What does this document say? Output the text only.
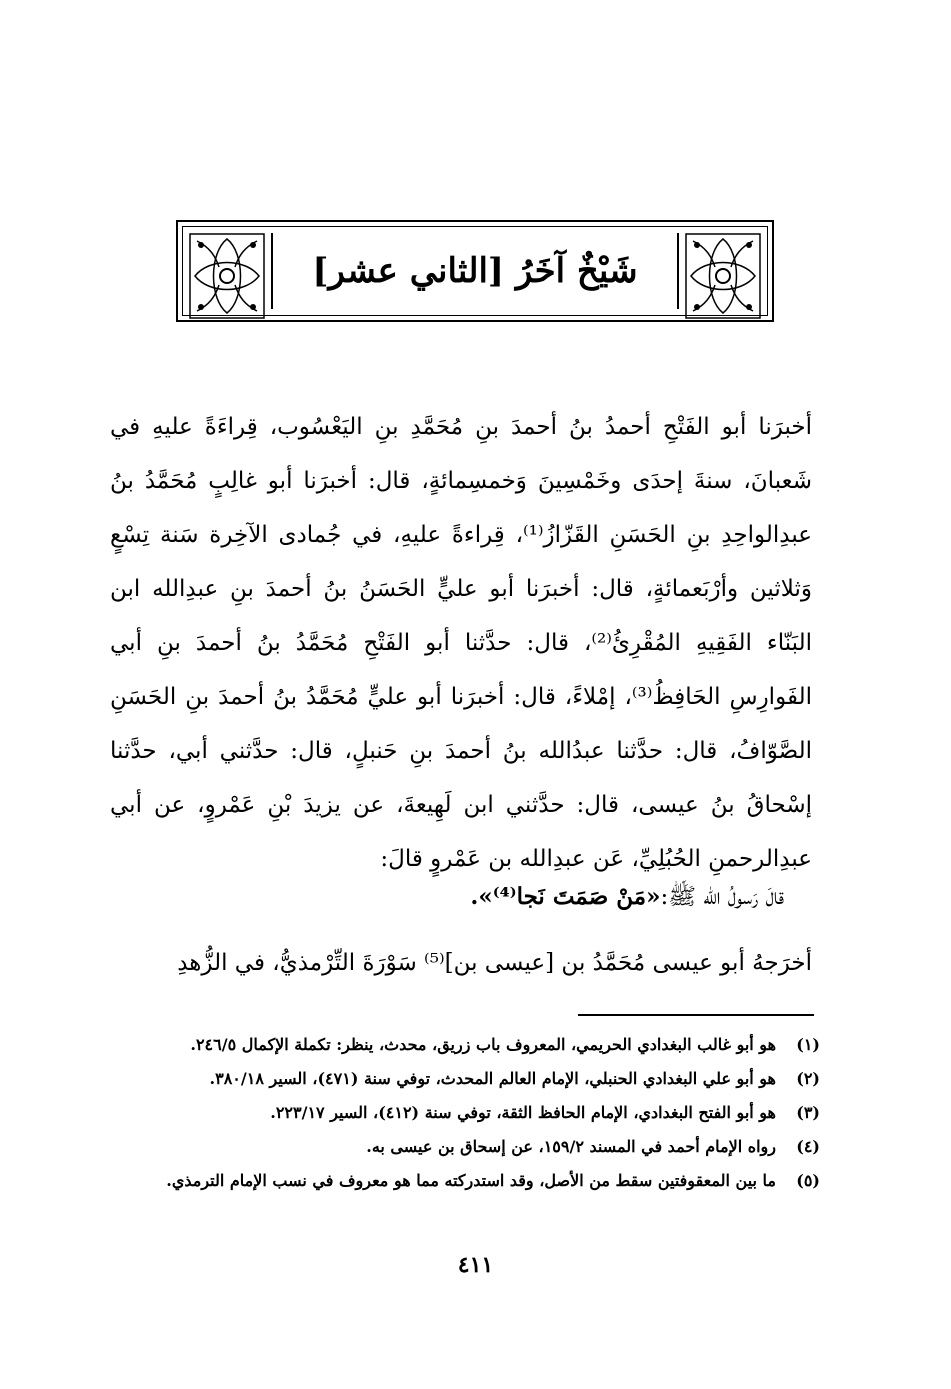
شَيْخٌ آخَرُ [الثاني عشر]

أخبرَنا أبو الفَتْحِ أحمدُ بنُ أحمدَ بنِ مُحَمَّدِ بنِ اليَعْسُوب، قِراءَةً عليهِ في شَعبانَ، سنةَ إحدَى وخَمْسِينَ وَخمسِمائةٍ، قال: أخبرَنا أبو غالِبٍ مُحَمَّدُ بنُ عبدِالواحِدِ بنِ الحَسَنِ القَزّازُ⁽¹⁾، قِراءةً عليهِ، في جُمادى الآخِرة سَنة تِسْعٍ وَثلاثين وأرْبَعمائةٍ، قال: أخبرَنا أبو عليٍّ الحَسَنُ بنُ أحمدَ بنِ عبدِالله ابن البَنّاء الفَقِيهِ المُقْرِئُ⁽²⁾، قال: حدَّثنا أبو الفَتْحِ مُحَمَّدُ بنُ أحمدَ بنِ أبي الفَوارِسِ الحَافِظُ⁽³⁾، إمْلاءً، قال: أخبرَنا أبو عليٍّ مُحَمَّدُ بنُ أحمدَ بنِ الحَسَنِ الصَّوّافُ، قال: حدَّثنا عبدُالله بنُ أحمدَ بنِ حَنبلٍ، قال: حدَّثني أبي، حدَّثنا إسْحاقُ بنُ عيسى، قال: حدَّثني ابن لَهِيعةَ، عن يزيدَ بْنِ عَمْروٍ، عن أبي عبدِالرحمنِ الحُبُلِيِّ، عَن عبدِالله بن عَمْروٍ قالَ:

قالَ رَسولُ الله ﷺ:«مَنْ صَمَتَ نَجا⁽⁴⁾».
أخرَجهُ أبو عيسى مُحَمَّدُ بن [عيسى بن]⁽⁵⁾ سَوْرَةَ التِّرْمذيُّ، في الزُّهدِ
(١)
هو أبو غالب البغدادي الحريمي، المعروف باب زريق، محدث، ينظر: تكملة الإكمال ٢٤٦/٥.
(٢)
هو أبو علي البغدادي الحنبلي، الإمام العالم المحدث، توفي سنة (٤٧١)، السير ٣٨٠/١٨.
(٣)
هو أبو الفتح البغدادي، الإمام الحافظ الثقة، توفي سنة (٤١٢)، السير ٢٢٣/١٧.
(٤)
رواه الإمام أحمد في المسند ١٥٩/٢، عن إسحاق بن عيسى به.
(٥)
ما بين المعقوفتين سقط من الأصل، وقد استدركته مما هو معروف في نسب الإمام الترمذي.
٤١١
